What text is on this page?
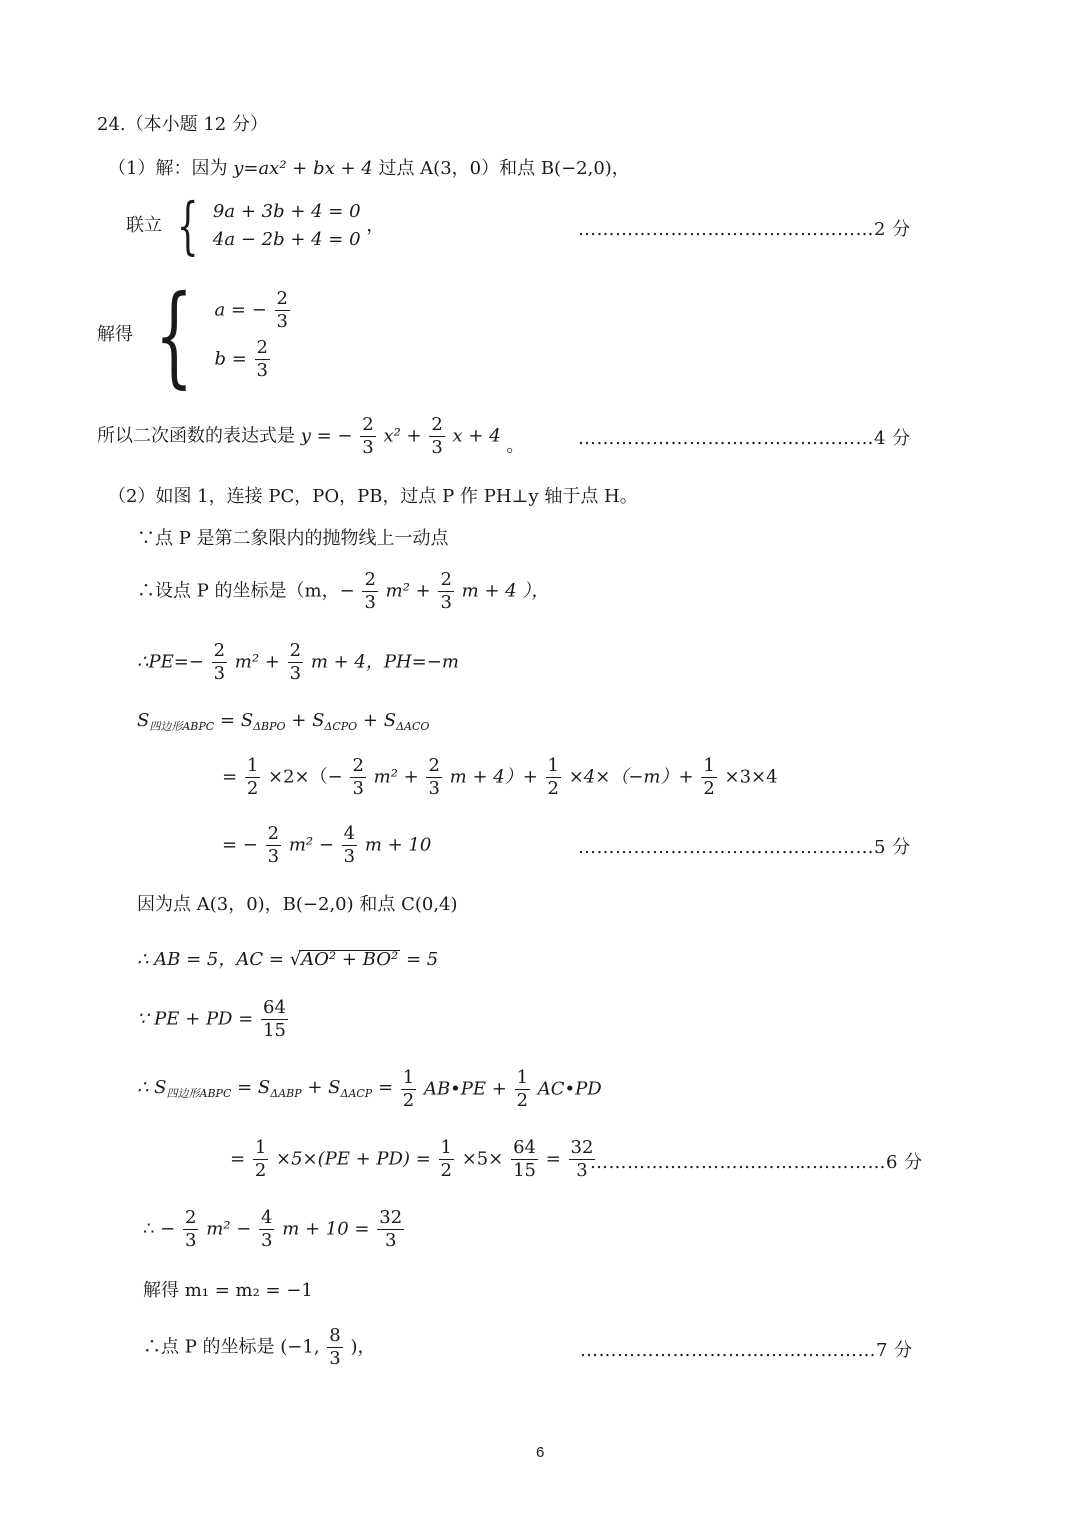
24.（本小题 12 分）
（1）解：因为 y=ax² + bx + 4 过点 A(3，0）和点 B(−2,0)，
联立 { 9a + 3b + 4 = 0
4a − 2b + 4 = 0
，	…………………………………………2 分
解得 { a = − $\frac{2}{3}$
$b = \frac{2}{3}$
所以二次函数的表达式是 y = − $\frac{2}{3} x^2 + \frac{2}{3}$ x + 4 。	…………………………………………4 分
（2）如图 1，连接 PC，PO，PB，过点 P 作 PH⊥y 轴于点 H。
∵点 P 是第二象限内的抛物线上一动点
∴设点 P 的坐标是（m，− $\frac{2}{3} m^2 + \frac{2}{3}$ m + 4 ），
∴PE=− $\frac{2}{3} m^2 + \frac{2}{3}$ m + 4，PH=−m
$S_{四边形ABPC} = S_{\Delta BPO} + S_{\Delta CPO} + S_{\Delta ACO}$
= $\frac{1}{2} \times 2\times(- \frac{2}{3} m^2 + \frac{2}{3}$ $m + 4)+ \frac{1}{2} \times 4\times(-m)+ \frac{1}{2} \times 3\times 4$
= − $\frac{2}{3} m^2 - \frac{4}{3}$ m + 10	…………………………………………5 分
因为点 A(3，0)，B(−2,0) 和点 C(0,4)
∴ AB = 5，AC = √AO² + BO² = 5
∵ PE + PD = $\frac{64}{15}$
∴ $S_{四边形ABPC} = S_{\Delta ABP} + S_{\Delta ACP} = \frac{1}{2}$ AB•PE + $\frac{1}{2}$ AC•PD
= $\frac{1}{2} \times 5\times(PE + PD) = \frac{1}{2} \times 5\times \frac{64}{15} = \frac{32}{3}$
…………………………………………6 分
∴ − $\frac{2}{3} m^2 - \frac{4}{3}$ $m + 10 = \frac{32}{3}$
解得 m₁ = m₂ = −1
∴点 P 的坐标是 (−1, $\frac{8}{3}$ )，	…………………………………………7 分
6
